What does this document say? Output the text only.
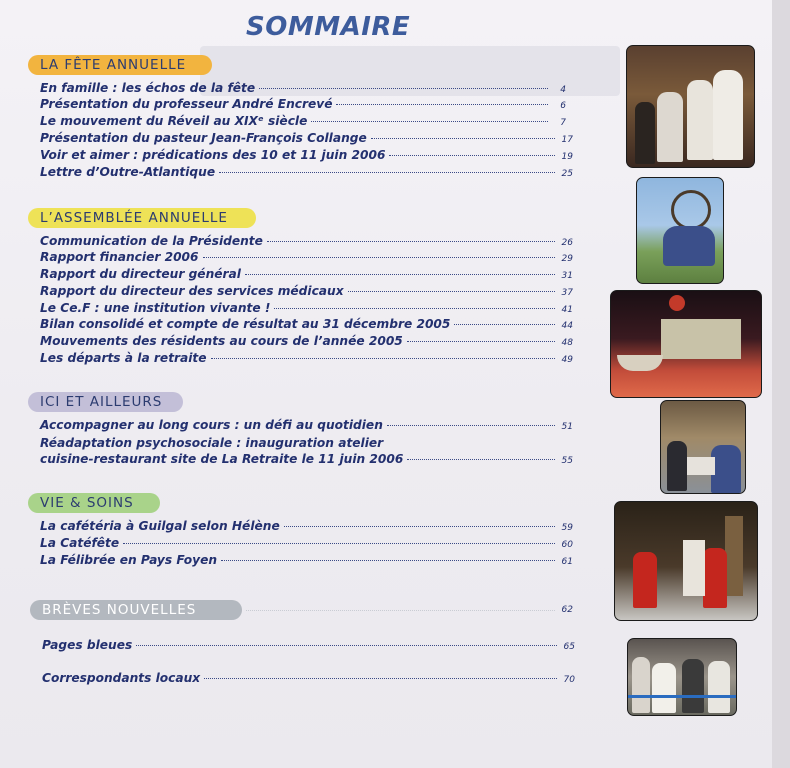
SOMMAIRE
LA FÊTE ANNUELLE
En famille : les échos de la fête	4
Présentation du professeur André Encrevé	6
Le mouvement du Réveil au XIXᵉ siècle	7
Présentation du pasteur Jean-François Collange	17
Voir et aimer : prédications des 10 et 11 juin 2006	19
Lettre d’Outre-Atlantique	25
L’ASSEMBLÉE ANNUELLE
Communication de la Présidente	26
Rapport financier 2006	29
Rapport du directeur général	31
Rapport du directeur des services médicaux	37
Le Ce.F : une institution vivante !	41
Bilan consolidé et compte de résultat au 31 décembre 2005	44
Mouvements des résidents au cours de l’année 2005	48
Les départs à la retraite	49
ICI ET AILLEURS
Accompagner au long cours : un défi au quotidien	51
Réadaptation psychosociale : inauguration atelier
cuisine-restaurant site de La Retraite le 11 juin 2006	55
VIE & SOINS
La cafétéria à Guilgal selon Hélène	59
La Catéfête	60
La Félibrée en Pays Foyen	61
BRÈVES NOUVELLES	62
Pages bleues	65
Correspondants locaux	70
